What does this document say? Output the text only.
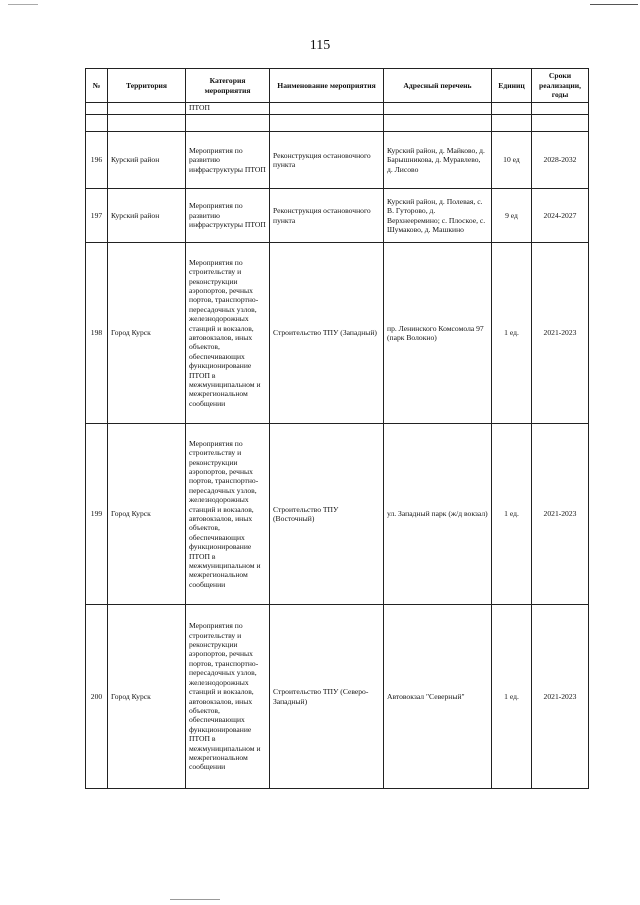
115
№	Территория	Категория мероприятия	Наименование мероприятия	Адресный перечень	Единиц	Сроки реализации, годы
		ПТОП				

196	Курский район	Мероприятия по развитию инфраструктуры ПТОП	Реконструкция остановочного пункта	Курский район, д. Майково, д. Барышникова, д. Муравлево, д. Лисово	10 ед	2028-2032
197	Курский район	Мероприятия по развитию инфраструктуры ПТОП	Реконструкция остановочного пункта	Курский район, д. Полевая, с. В. Гуторово, д. Верхнееремино; с. Плоское, с. Шумаково, д. Машкино	9 ед	2024-2027
198	Город Курск	Мероприятия по строительству и реконструкции аэропортов, речных портов, транспортно-пересадочных узлов, железнодорожных станций и вокзалов, автовокзалов, иных объектов, обеспечивающих функционирование ПТОП в межмуниципальном и межрегиональном сообщении	Строительство ТПУ (Западный)	пр. Ленинского Комсомола 97 (парк Волокно)	1 ед.	2021-2023
199	Город Курск	Мероприятия по строительству и реконструкции аэропортов, речных портов, транспортно-пересадочных узлов, железнодорожных станций и вокзалов, автовокзалов, иных объектов, обеспечивающих функционирование ПТОП в межмуниципальном и межрегиональном сообщении	Строительство ТПУ (Восточный)	ул. Западный парк (ж/д вокзал)	1 ед.	2021-2023
200	Город Курск	Мероприятия по строительству и реконструкции аэропортов, речных портов, транспортно-пересадочных узлов, железнодорожных станций и вокзалов, автовокзалов, иных объектов, обеспечивающих функционирование ПТОП в межмуниципальном и межрегиональном сообщении	Строительство ТПУ (Северо-Западный)	Автовокзал "Северный"	1 ед.	2021-2023
